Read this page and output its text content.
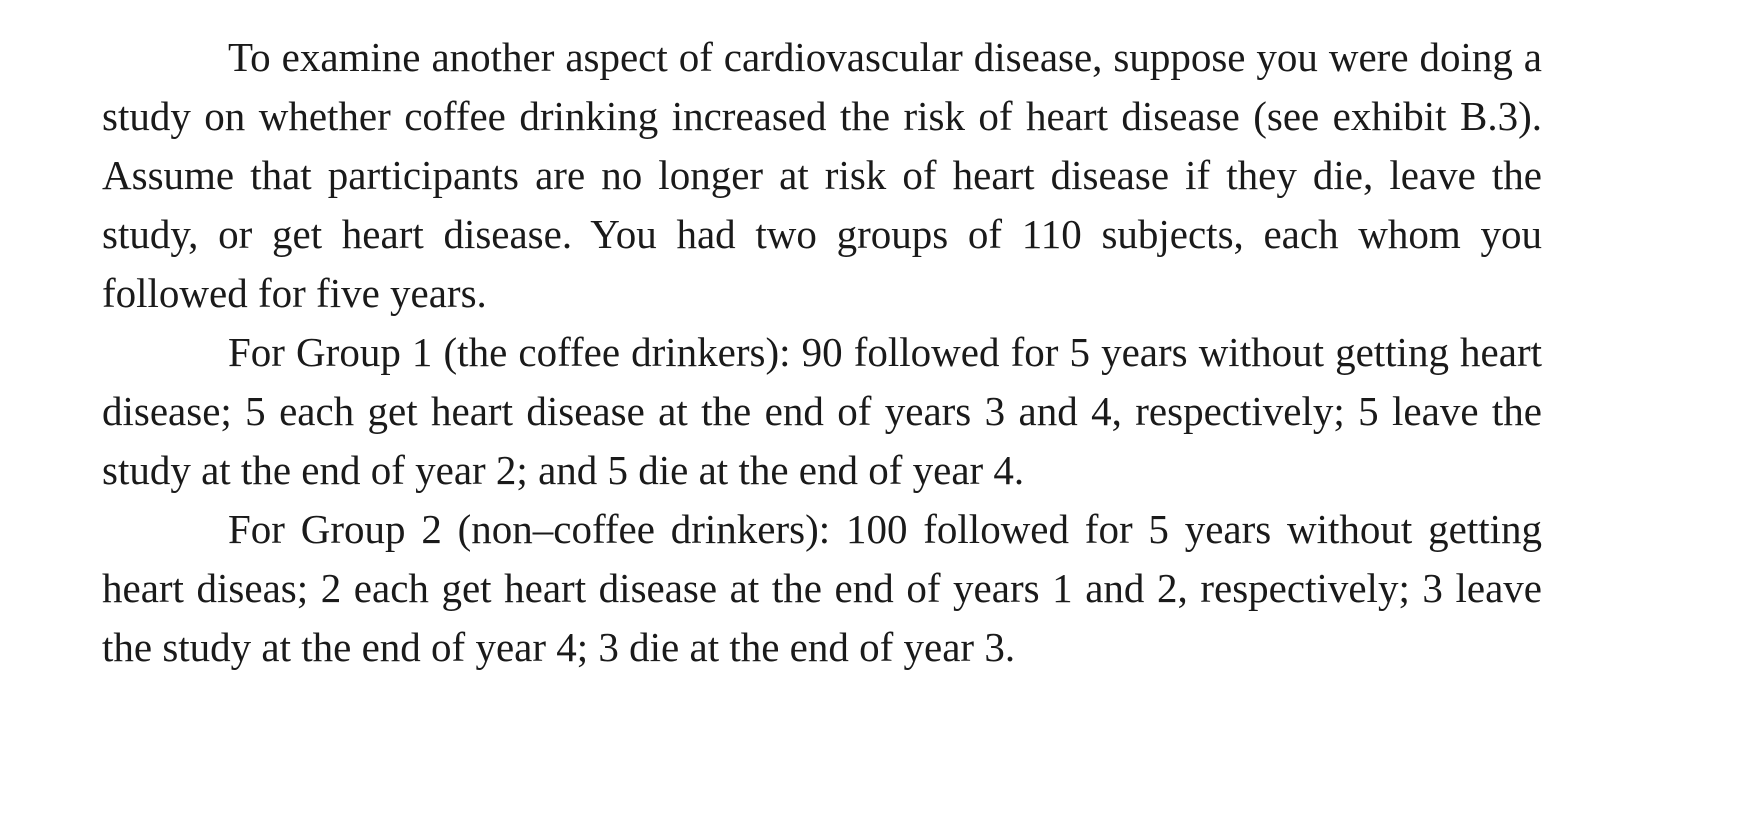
To examine another aspect of cardiovascular disease, suppose you were doing a study on whether coffee drinking increased the risk of heart disease (see exhibit B.3). Assume that participants are no longer at risk of heart disease if they die, leave the study, or get heart disease. You had two groups of 110 subjects, each whom you followed for five years.

For Group 1 (the coffee drinkers): 90 followed for 5 years without getting heart disease; 5 each get heart disease at the end of years 3 and 4, respectively; 5 leave the study at the end of year 2; and 5 die at the end of year 4.

For Group 2 (non–coffee drinkers): 100 followed for 5 years without getting heart diseas; 2 each get heart disease at the end of years 1 and 2, respectively; 3 leave the study at the end of year 4; 3 die at the end of year 3.
